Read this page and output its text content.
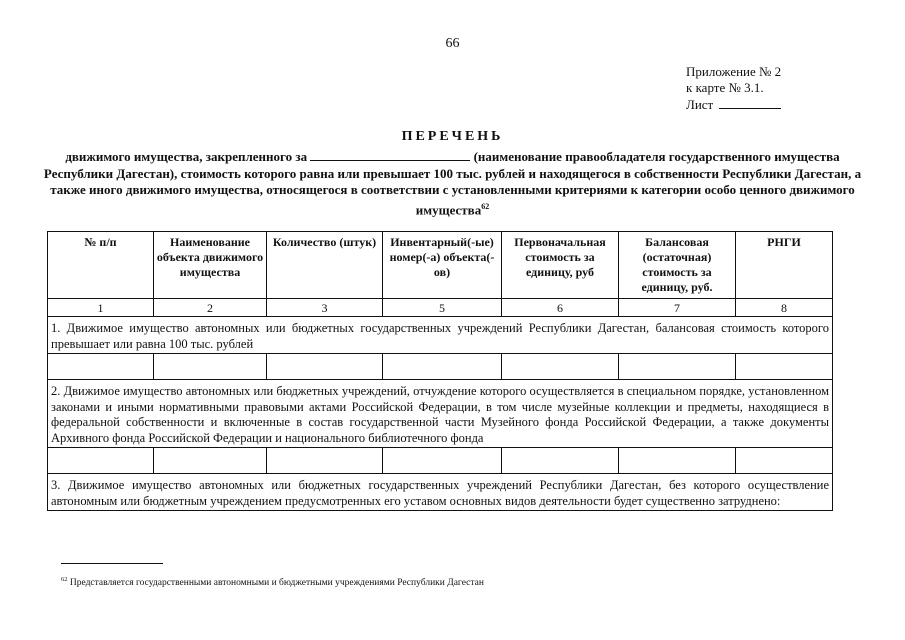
66
Приложение № 2
к карте № 3.1.
Лист
ПЕРЕЧЕНЬ
движимого имущества, закрепленного за	(наименование правообладателя государственного имущества Республики Дагестан), стоимость которого равна или превышает 100 тыс. рублей и находящегося в собственности Республики Дагестан, а также иного движимого имущества, относящегося в соответствии с установленными критериями к категории особо ценного движимого имущества$^{62}$
№ п/п	Наименование объекта движимого имущества	Количество (штук)	Инвентарный(-ые) номер(-а) объекта(-ов)	Первоначальная стоимость за единицу, руб	Балансовая (остаточная) стоимость за единицу, руб.	РНГИ
1	2	3	5	6	7	8
1. Движимое имущество автономных или бюджетных государственных учреждений Республики Дагестан, балансовая стоимость которого превышает или равна 100 тыс. рублей						

2. Движимое имущество автономных или бюджетных учреждений, отчуждение которого осуществляется в специальном порядке, установленном законами и иными нормативными правовыми актами Российской Федерации, в том числе музейные коллекции и предметы, находящиеся в федеральной собственности и включенные в состав государственной части Музейного фонда Российской Федерации, а также документы Архивного фонда Российской Федерации и национального библиотечного фонда						

3. Движимое имущество автономных или бюджетных государственных учреждений Республики Дагестан, без которого осуществление автономным или бюджетным учреждением предусмотренных его уставом основных видов деятельности будет существенно затруднено:						
$^{62}$ Представляется государственными автономными и бюджетными учреждениями Республики Дагестан
